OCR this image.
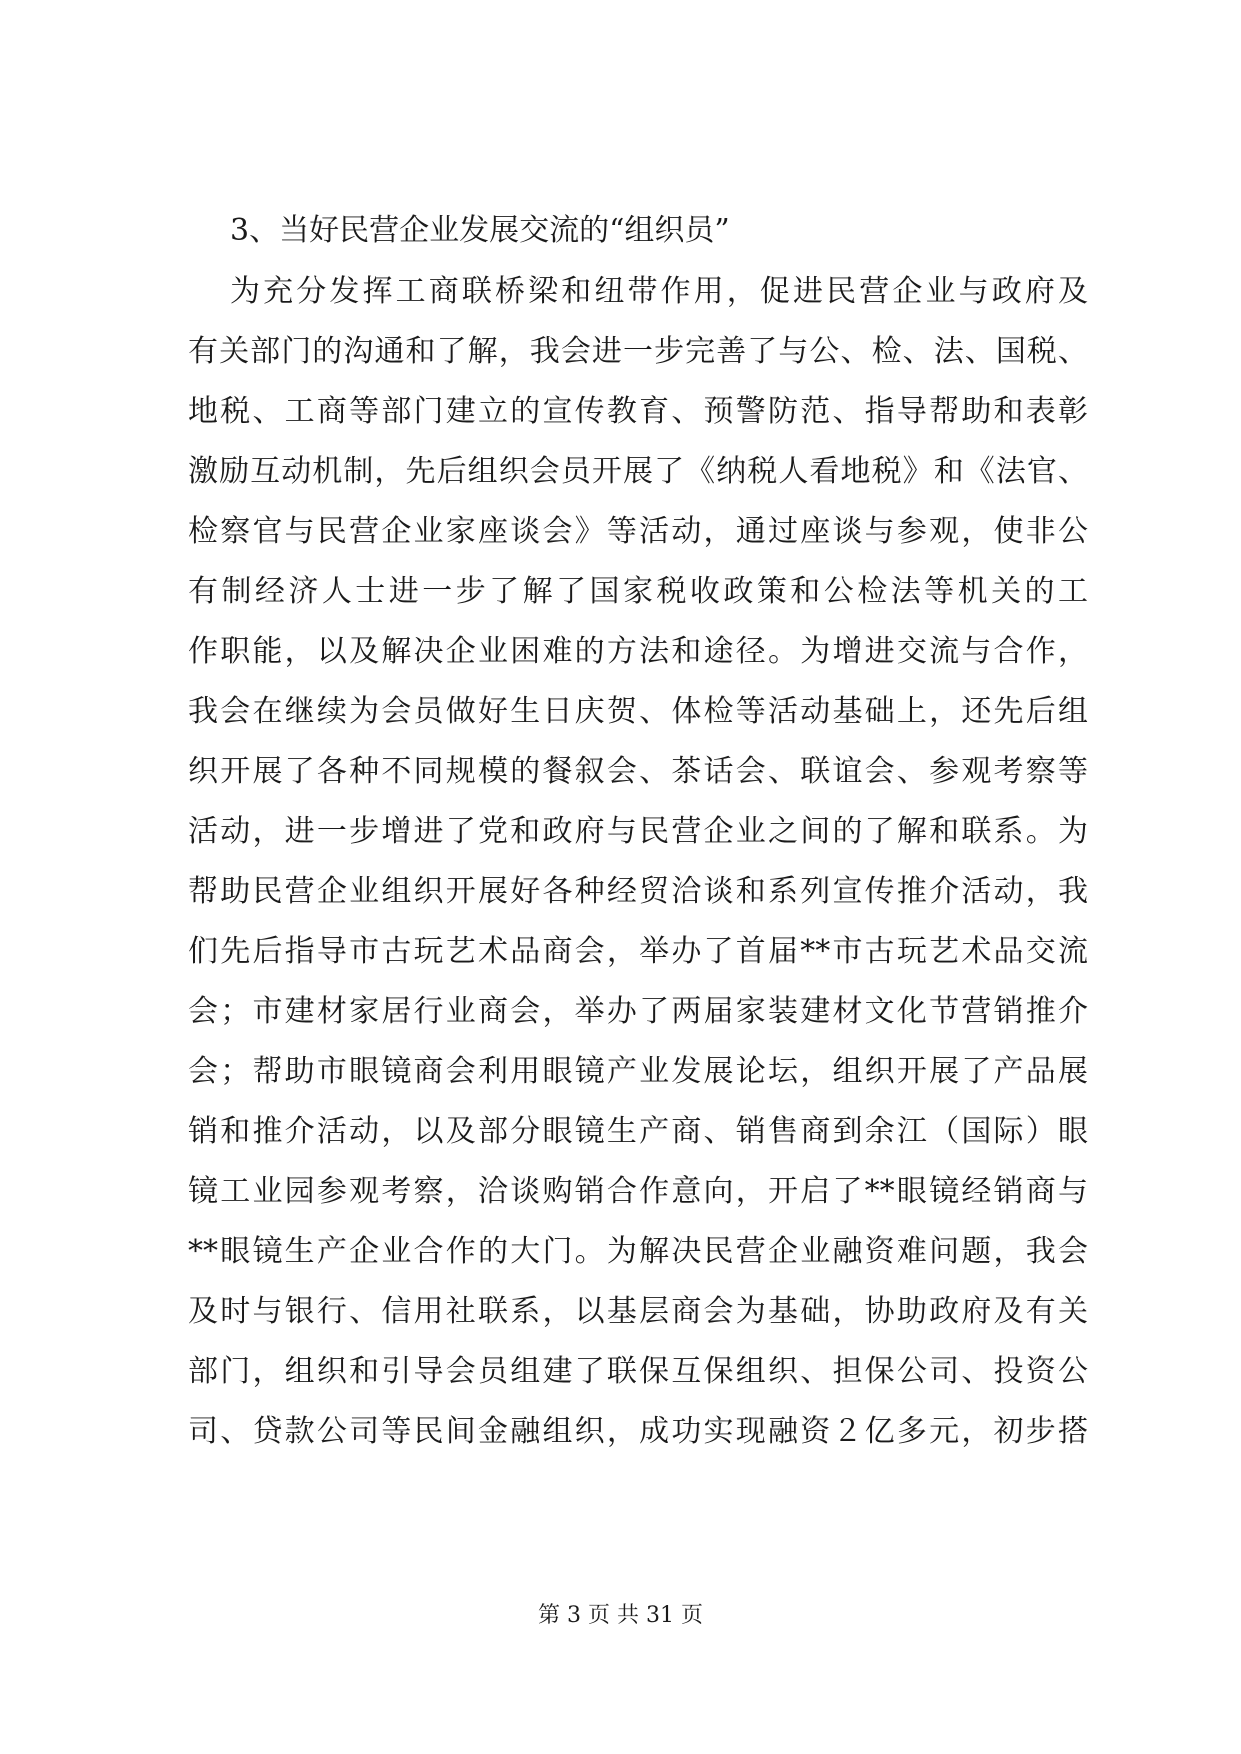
3、当好民营企业发展交流的“组织员”
为充分发挥工商联桥梁和纽带作用，促进民营企业与政府及
有关部门的沟通和了解，我会进一步完善了与公、检、法、国税、
地税、工商等部门建立的宣传教育、预警防范、指导帮助和表彰
激励互动机制，先后组织会员开展了《纳税人看地税》和《法官、
检察官与民营企业家座谈会》等活动，通过座谈与参观，使非公
有制经济人士进一步了解了国家税收政策和公检法等机关的工
作职能，以及解决企业困难的方法和途径。为增进交流与合作，
我会在继续为会员做好生日庆贺、体检等活动基础上，还先后组
织开展了各种不同规模的餐叙会、茶话会、联谊会、参观考察等
活动，进一步增进了党和政府与民营企业之间的了解和联系。为
帮助民营企业组织开展好各种经贸洽谈和系列宣传推介活动，我
们先后指导市古玩艺术品商会，举办了首届**市古玩艺术品交流
会；市建材家居行业商会，举办了两届家装建材文化节营销推介
会；帮助市眼镜商会利用眼镜产业发展论坛，组织开展了产品展
销和推介活动，以及部分眼镜生产商、销售商到余江（国际）眼
镜工业园参观考察，洽谈购销合作意向，开启了**眼镜经销商与
**眼镜生产企业合作的大门。为解决民营企业融资难问题，我会
及时与银行、信用社联系，以基层商会为基础，协助政府及有关
部门，组织和引导会员组建了联保互保组织、担保公司、投资公
司、贷款公司等民间金融组织，成功实现融资２亿多元，初步搭
第 3 页 共 31 页
